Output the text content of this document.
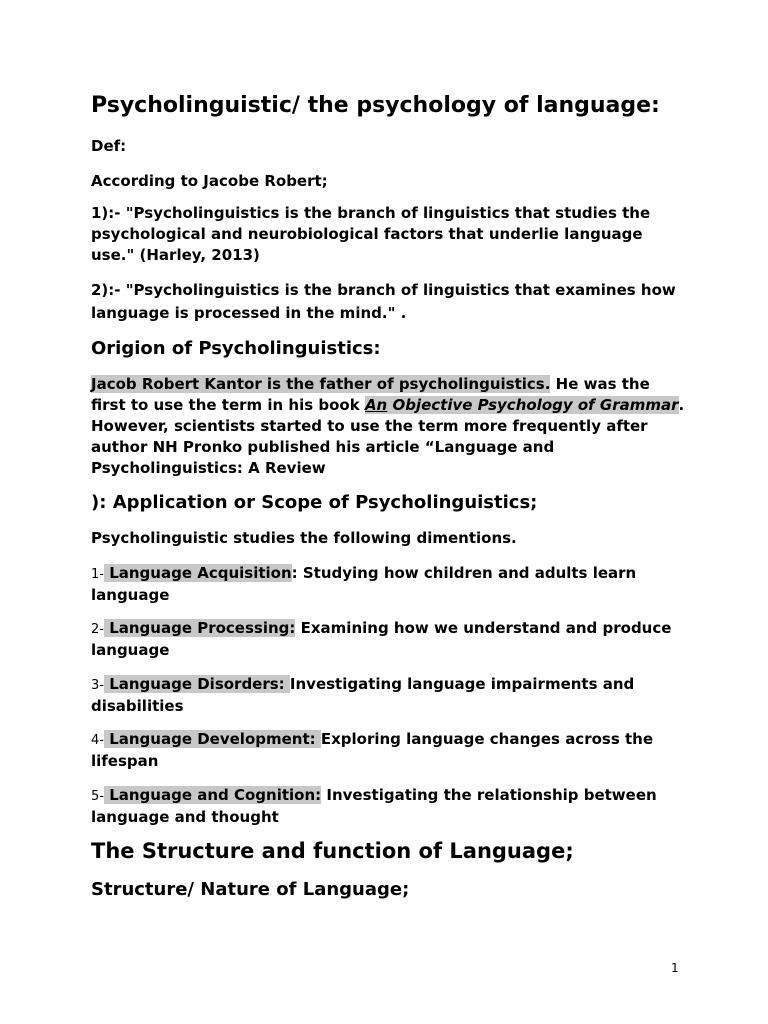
Psycholinguistic/ the psychology of language:
Def:
According to Jacobe Robert;
1):- "Psycholinguistics is the branch of linguistics that studies the psychological and neurobiological factors that underlie language use." (Harley, 2013)
2):- "Psycholinguistics is the branch of linguistics that examines how language is processed in the mind." .
Origion of Psycholinguistics:
Jacob Robert Kantor is the father of psycholinguistics. He was the first to use the term in his book An Objective Psychology of Grammar. However, scientists started to use the term more frequently after author NH Pronko published his article “Language and Psycholinguistics: A Review
): Application or Scope of Psycholinguistics;
Psycholinguistic studies the following dimentions.
1- Language Acquisition: Studying how children and adults learn language
2- Language Processing: Examining how we understand and produce language
3- Language Disorders: Investigating language impairments and disabilities
4- Language Development: Exploring language changes across the lifespan
5- Language and Cognition: Investigating the relationship between language and thought
The Structure and function of Language;
Structure/ Nature of Language;
1
